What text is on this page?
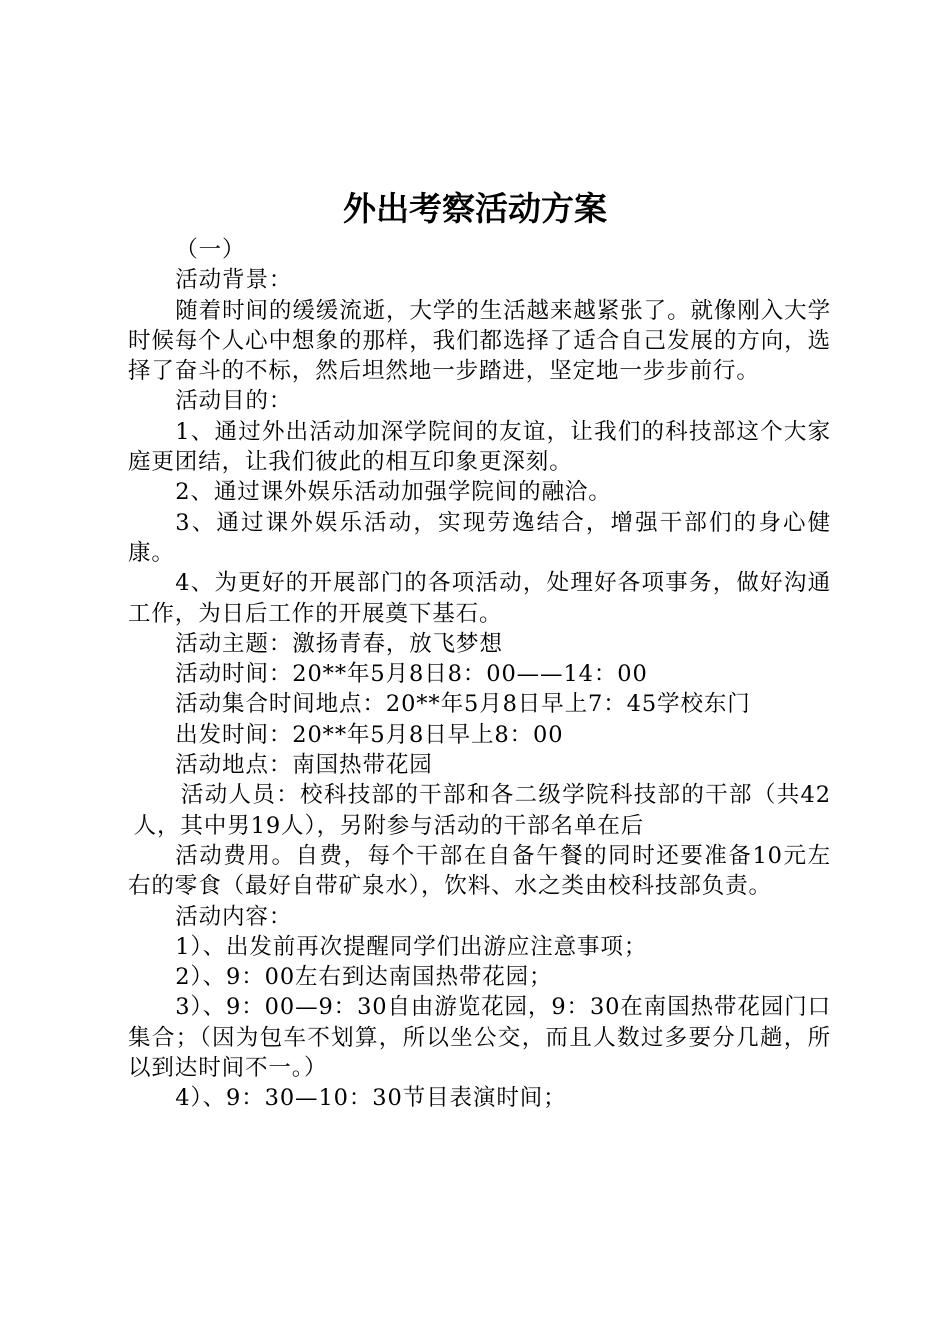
外出考察活动方案

（一）

活动背景：

随着时间的缓缓流逝，大学的生活越来越紧张了。就像刚入大学时候每个人心中想象的那样，我们都选择了适合自己发展的方向，选择了奋斗的不标，然后坦然地一步踏进，坚定地一步步前行。

活动目的：

1、通过外出活动加深学院间的友谊，让我们的科技部这个大家庭更团结，让我们彼此的相互印象更深刻。

2、通过课外娱乐活动加强学院间的融洽。

3、通过课外娱乐活动，实现劳逸结合，增强干部们的身心健康。

4、为更好的开展部门的各项活动，处理好各项事务，做好沟通工作，为日后工作的开展奠下基石。

活动主题：激扬青春，放飞梦想

活动时间：20**年5月8日8：00——14：00

活动集合时间地点：20**年5月8日早上7：45学校东门

出发时间：20**年5月8日早上8：00

活动地点：南国热带花园

活动人员：校科技部的干部和各二级学院科技部的干部（共42人，其中男19人），另附参与活动的干部名单在后

活动费用。自费，每个干部在自备午餐的同时还要准备10元左右的零食（最好自带矿泉水），饮料、水之类由校科技部负责。

活动内容：

1）、出发前再次提醒同学们出游应注意事项；

2）、9：00左右到达南国热带花园；

3）、9：00—9：30自由游览花园，9：30在南国热带花园门口集合；（因为包车不划算，所以坐公交，而且人数过多要分几趟，所以到达时间不一。）

4）、9：30—10：30节目表演时间；
